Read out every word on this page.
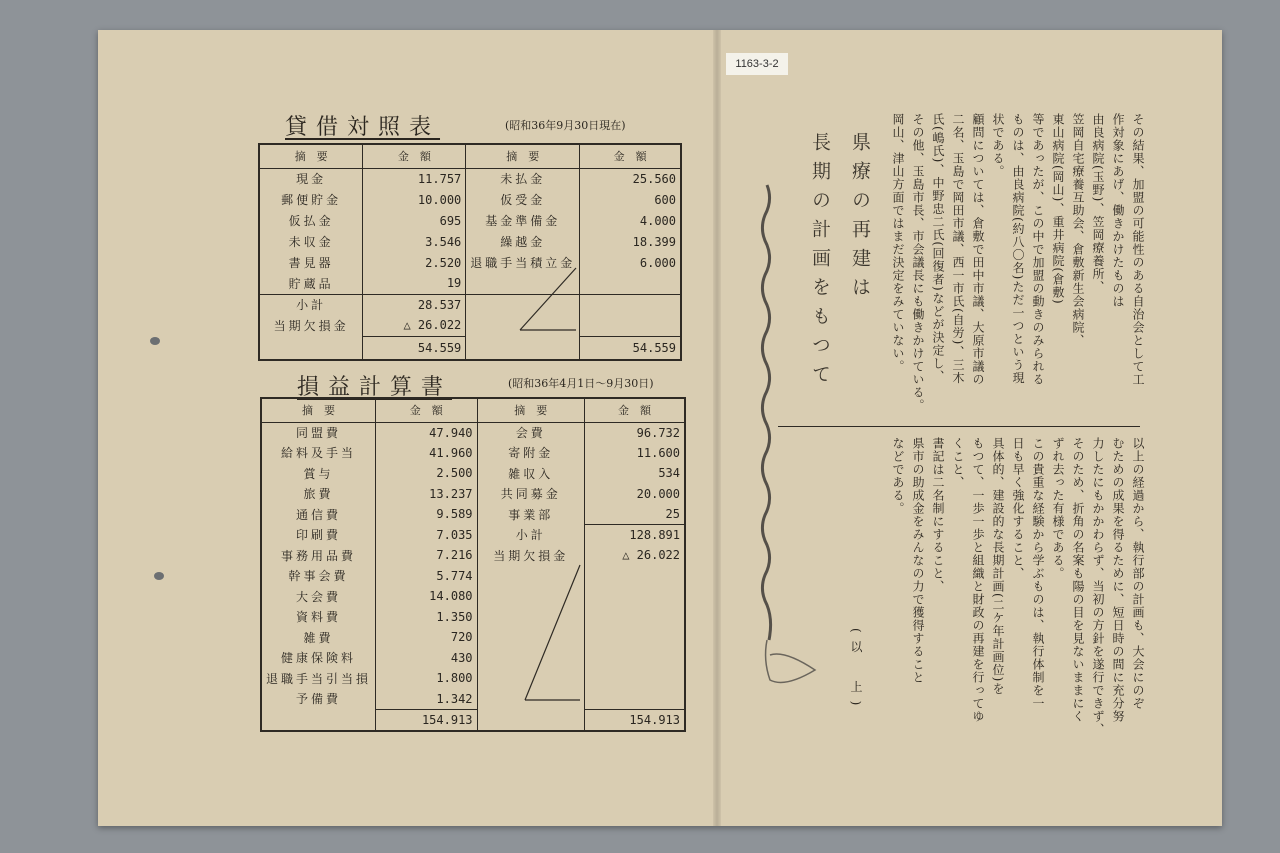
1163-3-2
貸借対照表	(昭和36年9月30日現在)
摘　要	金　額	摘　要	金　額
現金	11.757	未払金	25.560
郵便貯金	10.000	仮受金	600
仮払金	695	基金準備金	4.000
未収金	3.546	繰越金	18.399
書見器	2.520	退職手当積立金	6.000
貯蔵品	19		
小計	28.537		
当期欠損金	△ 26.022		
	54.559		54.559
損益計算書	(昭和36年4月1日〜9月30日)
摘　要	金　額	摘　要	金　額
同盟費	47.940	会費	96.732
給料及手当	41.960	寄附金	11.600
賞与	2.500	雑収入	534
旅費	13.237	共同募金	20.000
通信費	9.589	事業部	25
印刷費	7.035	小計	128.891
事務用品費	7.216	当期欠損金	△ 26.022
幹事会費	5.774		
大会費	14.080		
資料費	1.350		
雑費	720		
健康保険料	430		
退職手当引当損	1.800		
予備費	1.342		
	154.913		154.913
県療の再建は
長期の計画をもつて	その結果、加盟の可能性のある自治会として工
作対象にあげ、働きかけたものは
由良病院(玉野)、笠岡療養所、
笠岡自宅療養互助会、倉敷新生会病院、
東山病院(岡山)、重井病院(倉敷)
等であったが、この中で加盟の動きのみられる
ものは、由良病院(約八〇名)ただ一つという現
状である。
顧問については、倉敷で田中市議、大原市議の
二名、玉島で岡田市議、西一市氏(自労)、三木
氏(嶋氏)、中野忠二氏(回復者)などが決定し、
その他、玉島市長、市会議長にも働きかけている。
岡山、津山方面ではまだ決定をみていない。
以上の経過から、執行部の計画も、大会にのぞ
むための成果を得るために、短日時の間に充分努
力したにもかかわらず、当初の方針を遂行できず、
そのため、折角の名案も陽の目を見ないままにく
ずれ去った有様である。
この貴重な経験から学ぶものは、執行体制を一
日も早く強化すること、
具体的、建設的な長期計画(二ケ年計画位)を
もつて、一歩一歩と組織と財政の再建を行ってゆ
くこと、
書記は二名制にすること、
県市の助成金をみんなの力で獲得すること
などである。
(以　上)
